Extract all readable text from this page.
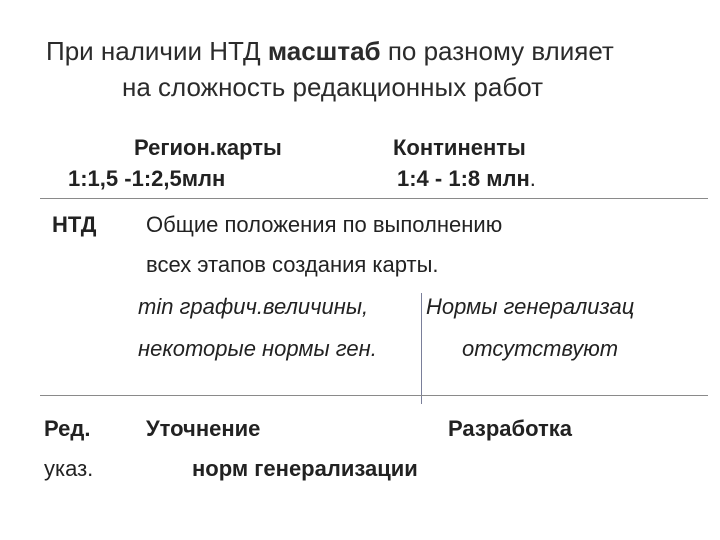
При наличии НТД масштаб по разному влияет
на сложность редакционных работ
Регион.карты
1:1,5 -1:2,5млн
Континенты
1:4 - 1:8 млн.
НТД Общие положения по выполнению
всех этапов создания карты.
min графич.величины,
некоторые нормы ген.
Нормы генерализац
отсутствуют
Ред.
указ.
Уточнение	Разработка
норм генерализации
